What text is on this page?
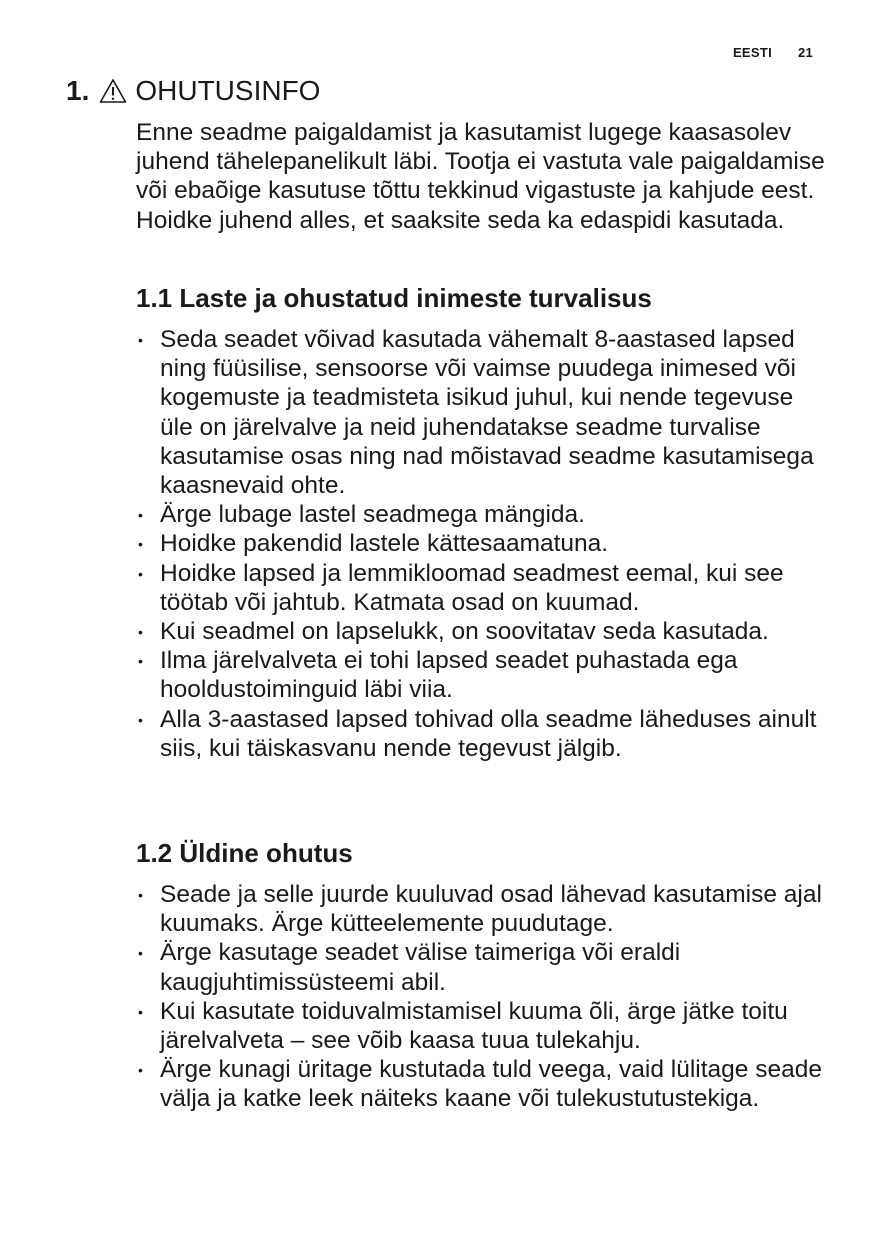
EESTI 21
1. OHUTUSINFO

Enne seadme paigaldamist ja kasutamist lugege kaasasolev juhend tähelepanelikult läbi. Tootja ei vastuta vale paigaldamise või ebaõige kasutuse tõttu tekkinud vigastuste ja kahjude eest. Hoidke juhend alles, et saaksite seda ka edaspidi kasutada.

1.1 Laste ja ohustatud inimeste turvalisus
• Seda seadet võivad kasutada vähemalt 8-aastased lapsed ning füüsilise, sensoorse või vaimse puudega inimesed või kogemuste ja teadmisteta isikud juhul, kui nende tegevuse üle on järelvalve ja neid juhendatakse seadme turvalise kasutamise osas ning nad mõistavad seadme kasutamisega kaasnevaid ohte.
• Ärge lubage lastel seadmega mängida.
• Hoidke pakendid lastele kättesaamatuna.
• Hoidke lapsed ja lemmikloomad seadmest eemal, kui see töötab või jahtub. Katmata osad on kuumad.
• Kui seadmel on lapselukk, on soovitatav seda kasutada.
• Ilma järelvalveta ei tohi lapsed seadet puhastada ega hooldustoiminguid läbi viia.
• Alla 3-aastased lapsed tohivad olla seadme läheduses ainult siis, kui täiskasvanu nende tegevust jälgib.
1.2 Üldine ohutus
• Seade ja selle juurde kuuluvad osad lähevad kasutamise ajal kuumaks. Ärge kütteelemente puudutage.
• Ärge kasutage seadet välise taimeriga või eraldi kaugjuhtimissüsteemi abil.
• Kui kasutate toiduvalmistamisel kuuma õli, ärge jätke toitu järelvalveta – see võib kaasa tuua tulekahju.
• Ärge kunagi üritage kustutada tuld veega, vaid lülitage seade välja ja katke leek näiteks kaane või tulekustutustekiga.
